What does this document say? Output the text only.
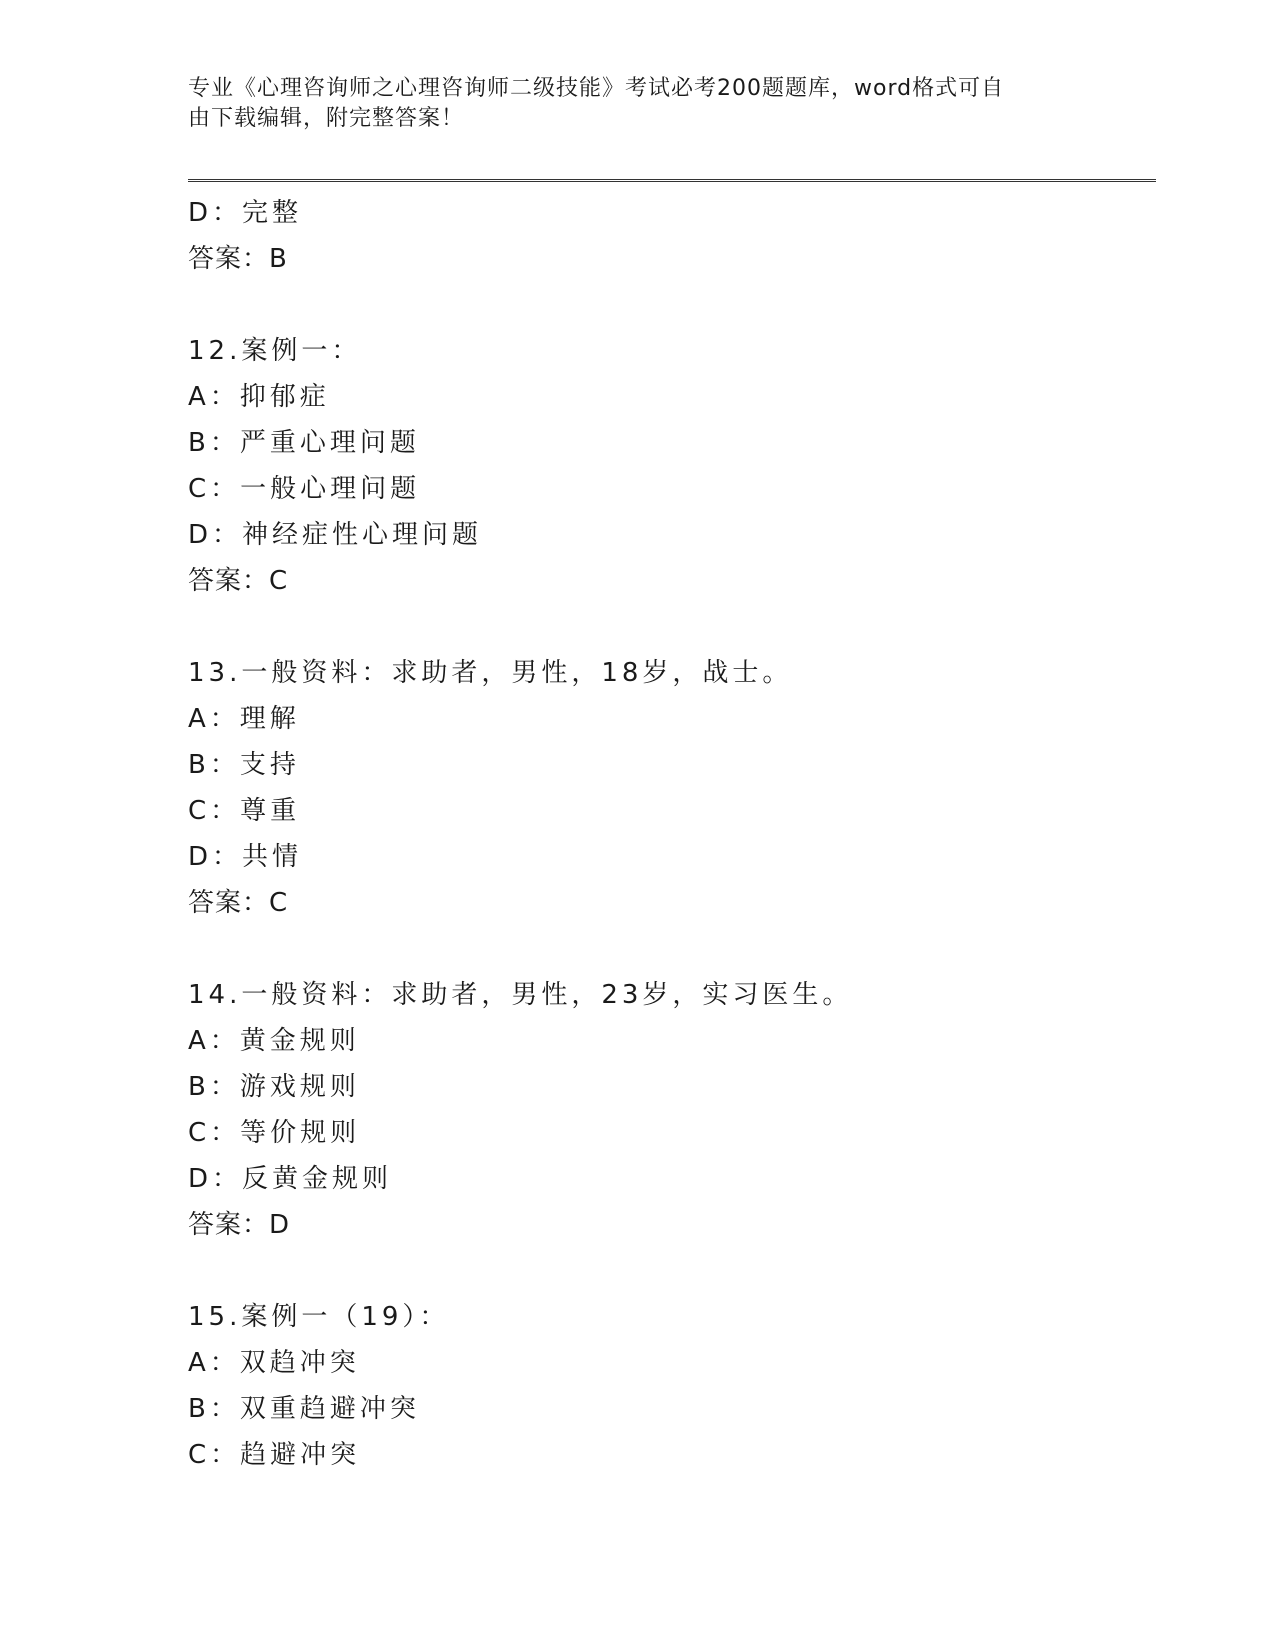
专业《心理咨询师之心理咨询师二级技能》考试必考200题题库，word格式可自
由下载编辑，附完整答案！
D：完整
答案：B
12.案例一：
A：抑郁症
B：严重心理问题
C：一般心理问题
D：神经症性心理问题
答案：C
13.一般资料：求助者，男性，18岁，战士。
A：理解
B：支持
C：尊重
D：共情
答案：C
14.一般资料：求助者，男性，23岁，实习医生。
A：黄金规则
B：游戏规则
C：等价规则
D：反黄金规则
答案：D
15.案例一（19）：
A：双趋冲突
B：双重趋避冲突
C：趋避冲突
